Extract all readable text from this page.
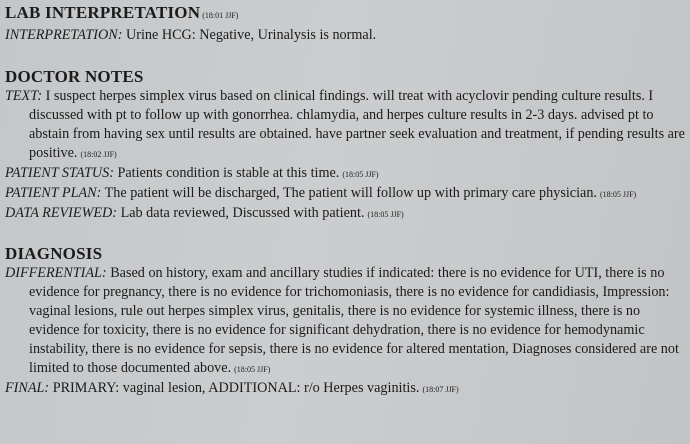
LAB INTERPRETATION (18:01 JJF)
INTERPRETATION: Urine HCG: Negative, Urinalysis is normal.
DOCTOR NOTES
TEXT: I suspect herpes simplex virus based on clinical findings. will treat with acyclovir pending culture results. I discussed with pt to follow up with gonorrhea. chlamydia, and herpes culture results in 2-3 days. advised pt to abstain from having sex until results are obtained. have partner seek evaluation and treatment, if pending results are positive. (18:02 JJF)
PATIENT STATUS: Patients condition is stable at this time. (18:05 JJF)
PATIENT PLAN: The patient will be discharged, The patient will follow up with primary care physician. (18:05 JJF)
DATA REVIEWED: Lab data reviewed, Discussed with patient. (18:05 JJF)
DIAGNOSIS
DIFFERENTIAL: Based on history, exam and ancillary studies if indicated: there is no evidence for UTI, there is no evidence for pregnancy, there is no evidence for trichomoniasis, there is no evidence for candidiasis, Impression: vaginal lesions, rule out herpes simplex virus, genitalis, there is no evidence for systemic illness, there is no evidence for toxicity, there is no evidence for significant dehydration, there is no evidence for hemodynamic instability, there is no evidence for sepsis, there is no evidence for altered mentation, Diagnoses considered are not limited to those documented above. (18:05 JJF)
FINAL: PRIMARY: vaginal lesion, ADDITIONAL: r/o Herpes vaginitis. (18:07 JJF)
